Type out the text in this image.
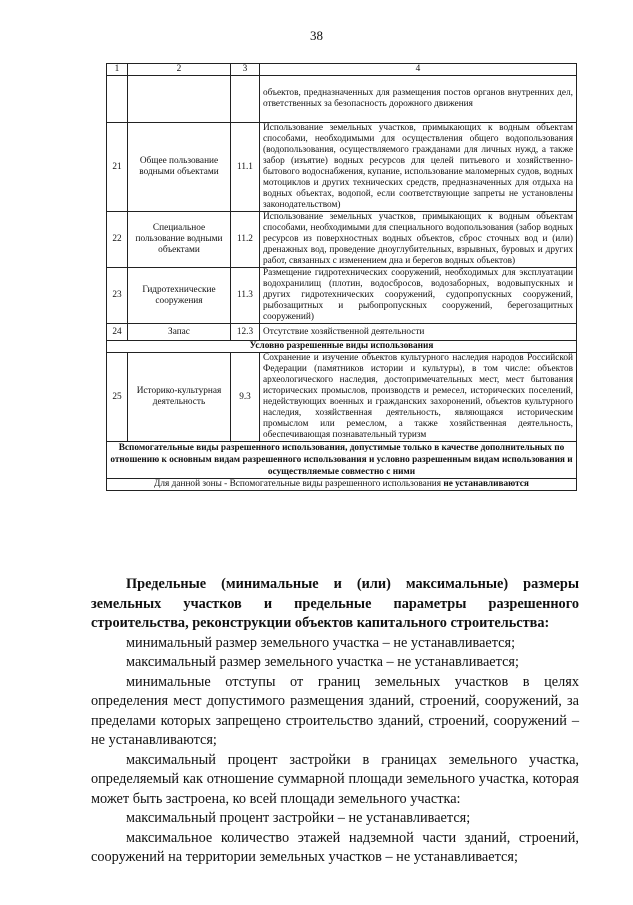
38
1	2	3	4
			объектов, предназначенных для размещения постов органов внутренних дел, ответственных за безопасность дорожного движения
21	Общее пользование водными объектами	11.1	Использование земельных участков, примыкающих к водным объектам способами, необходимыми для осуществления общего водопользования (водопользования, осуществляемого гражданами для личных нужд, а также забор (изъятие) водных ресурсов для целей питьевого и хозяйственно-бытового водоснабжения, купание, использование маломерных судов, водных мотоциклов и других технических средств, предназначенных для отдыха на водных объектах, водопой, если соответствующие запреты не установлены законодательством)
22	Специальное пользование водными объектами	11.2	Использование земельных участков, примыкающих к водным объектам способами, необходимыми для специального водопользования (забор водных ресурсов из поверхностных водных объектов, сброс сточных вод и (или) дренажных вод, проведение дноуглубительных, взрывных, буровых и других работ, связанных с изменением дна и берегов водных объектов)
23	Гидротехнические сооружения	11.3	Размещение гидротехнических сооружений, необходимых для эксплуатации водохранилищ (плотин, водосбросов, водозаборных, водовыпускных и других гидротехнических сооружений, судопропускных сооружений, рыбозащитных и рыбопропускных сооружений, берегозащитных сооружений)
24	Запас	12.3	Отсутствие хозяйственной деятельности
Условно разрешенные виды использования			
25	Историко-культурная деятельность	9.3	Сохранение и изучение объектов культурного наследия народов Российской Федерации (памятников истории и культуры), в том числе: объектов археологического наследия, достопримечательных мест, мест бытования исторических промыслов, производств и ремесел, исторических поселений, недействующих военных и гражданских захоронений, объектов культурного наследия, хозяйственная деятельность, являющаяся историческим промыслом или ремеслом, а также хозяйственная деятельность, обеспечивающая познавательный туризм
Вспомогательные виды разрешенного использования, допустимые только в качестве дополнительных по отношению к основным видам разрешенного использования и условно разрешенным видам использования и осуществляемые совместно с ними			
Для данной зоны - Вспомогательные виды разрешенного использования не устанавливаются			

Предельные (минимальные и (или) максимальные) размеры земельных участков и предельные параметры разрешенного строительства, реконструкции объектов капитального строительства:

минимальный размер земельного участка – не устанавливается;

максимальный размер земельного участка – не устанавливается;

минимальные отступы от границ земельных участков в целях определения мест допустимого размещения зданий, строений, сооружений, за пределами которых запрещено строительство зданий, строений, сооружений – не устанавливаются;

максимальный процент застройки в границах земельного участка, определяемый как отношение суммарной площади земельного участка, которая может быть застроена, ко всей площади земельного участка:

максимальный процент застройки – не устанавливается;

максимальное количество этажей надземной части зданий, строений, сооружений на территории земельных участков – не устанавливается;
